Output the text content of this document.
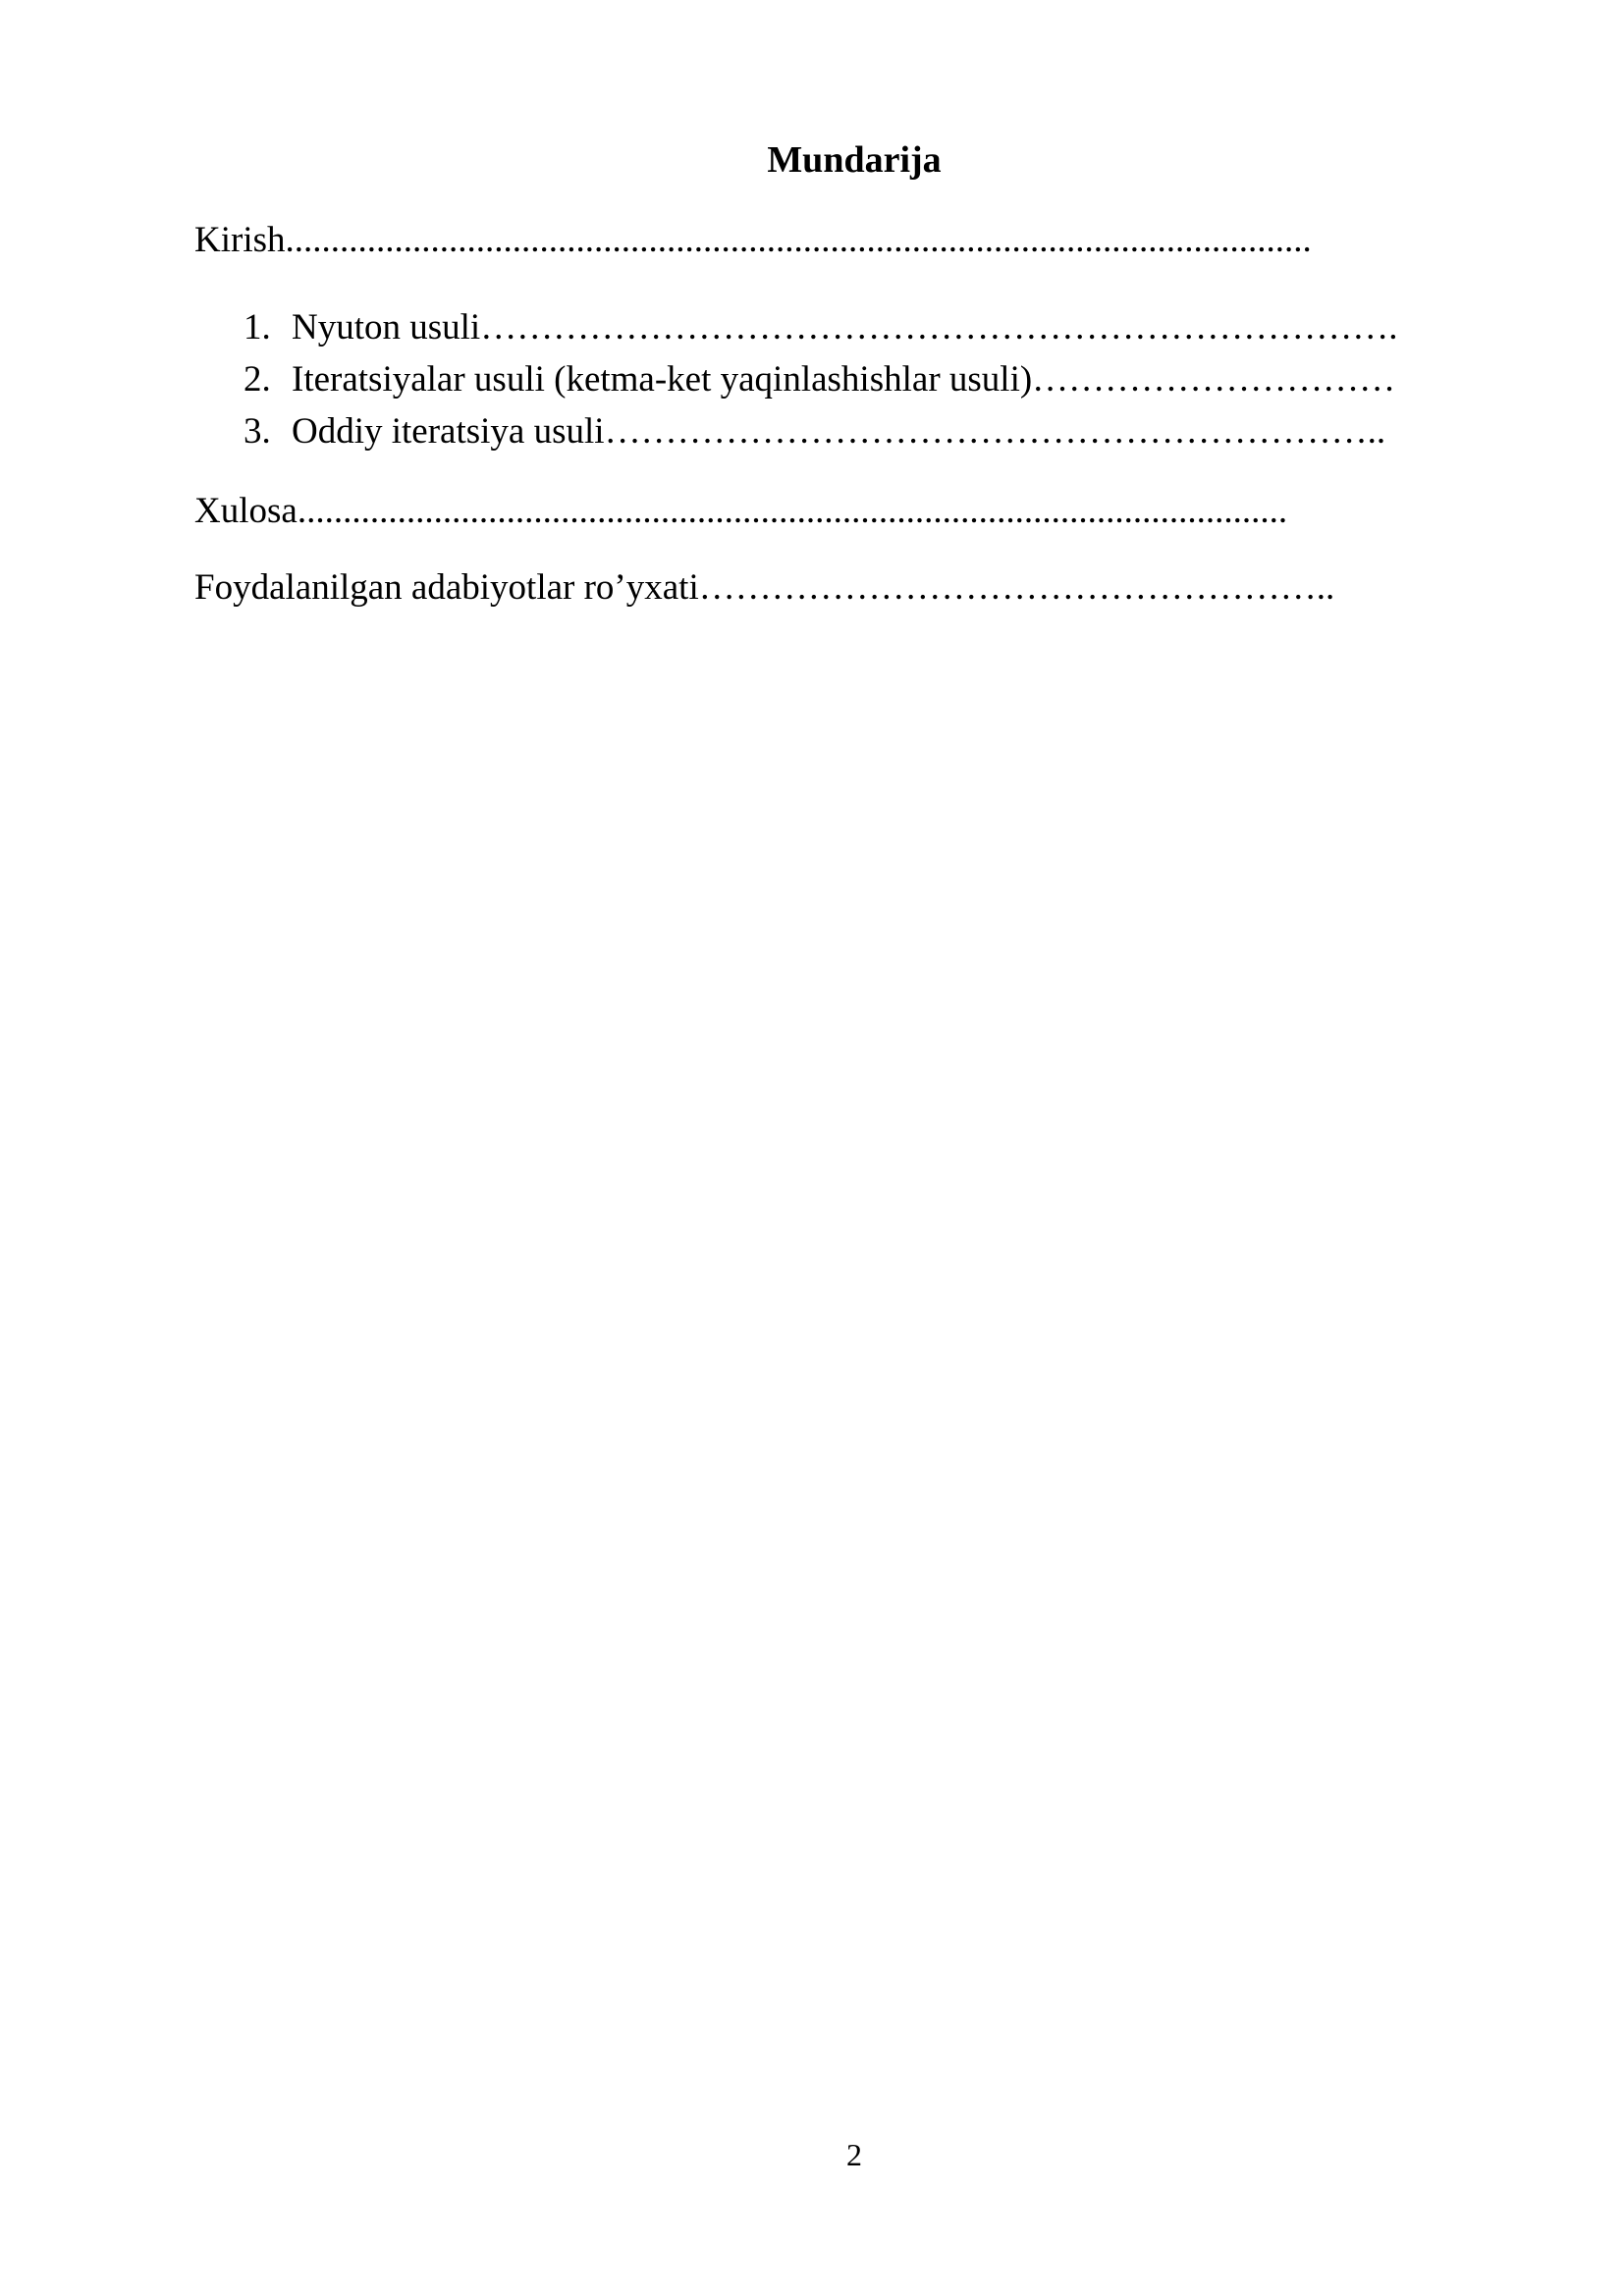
Mundarija
Kirish.................................................................................................................
1. Nyuton usuli………………………………………………………………….
2. Iteratsiyalar usuli (ketma-ket yaqinlashishlar usuli)…………………………
3. Oddiy iteratsiya usuli………………………………………………………..
Xulosa.............................................................................................................
Foydalanilgan adabiyotlar ro’yxati……………………………………………..
2
